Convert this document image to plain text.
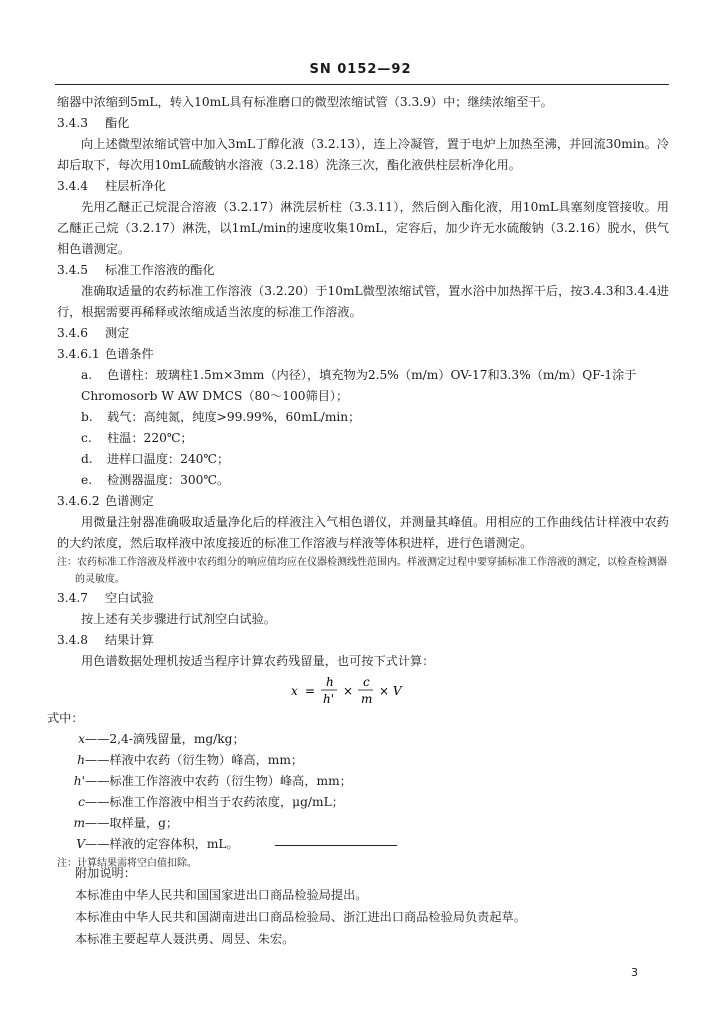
SN 0152—92

缩器中浓缩到5mL，转入10mL具有标准磨口的微型浓缩试管（3.3.9）中；继续浓缩至干。

3.4.3 酯化

向上述微型浓缩试管中加入3mL丁醇化液（3.2.13），连上冷凝管，置于电炉上加热至沸，并回流30min。冷却后取下，每次用10mL硫酸钠水溶液（3.2.18）洗涤三次，酯化液供柱层析净化用。

3.4.4 柱层析净化

先用乙醚正己烷混合溶液（3.2.17）淋洗层析柱（3.3.11），然后倒入酯化液，用10mL具塞刻度管接收。用乙醚正己烷（3.2.17）淋洗，以1mL/min的速度收集10mL，定容后，加少许无水硫酸钠（3.2.16）脱水，供气相色谱测定。

3.4.5 标准工作溶液的酯化

准确取适量的农药标准工作溶液（3.2.20）于10mL微型浓缩试管，置水浴中加热挥干后，按3.4.3和3.4.4进行，根据需要再稀释或浓缩成适当浓度的标准工作溶液。

3.4.6 测定

3.4.6.1 色谱条件

a. 色谱柱：玻璃柱1.5m×3mm（内径），填充物为2.5%（m/m）OV-17和3.3%（m/m）QF-1涂于Chromosorb W AW DMCS（80～100筛目）；

b. 载气：高纯氮，纯度>99.99%，60mL/min；

c. 柱温：220℃；

d. 进样口温度：240℃；

e. 检测器温度：300℃。

3.4.6.2 色谱测定

用微量注射器准确吸取适量净化后的样液注入气相色谱仪，并测量其峰值。用相应的工作曲线估计样液中农药的大约浓度，然后取样液中浓度接近的标准工作溶液与样液等体积进样，进行色谱测定。

注：农药标准工作溶液及样液中农药组分的响应值均应在仪器检测线性范围内。样液测定过程中要穿插标准工作溶液的测定，以检查检测器的灵敏度。

3.4.7 空白试验

按上述有关步骤进行试剂空白试验。

3.4.8 结果计算

用色谱数据处理机按适当程序计算农药残留量，也可按下式计算：

x =
h
h'
×
c
m
× V

式中：

x——2,4-滴残留量，mg/kg；

h——样液中农药（衍生物）峰高，mm；

h'——标准工作溶液中农药（衍生物）峰高，mm；

c——标准工作溶液中相当于农药浓度，μg/mL；

m——取样量，g；

V——样液的定容体积，mL。

注：计算结果需将空白值扣除。

附加说明：

本标准由中华人民共和国国家进出口商品检验局提出。

本标准由中华人民共和国湖南进出口商品检验局、浙江进出口商品检验局负责起草。

本标准主要起草人聂洪勇、周昱、朱宏。

3
